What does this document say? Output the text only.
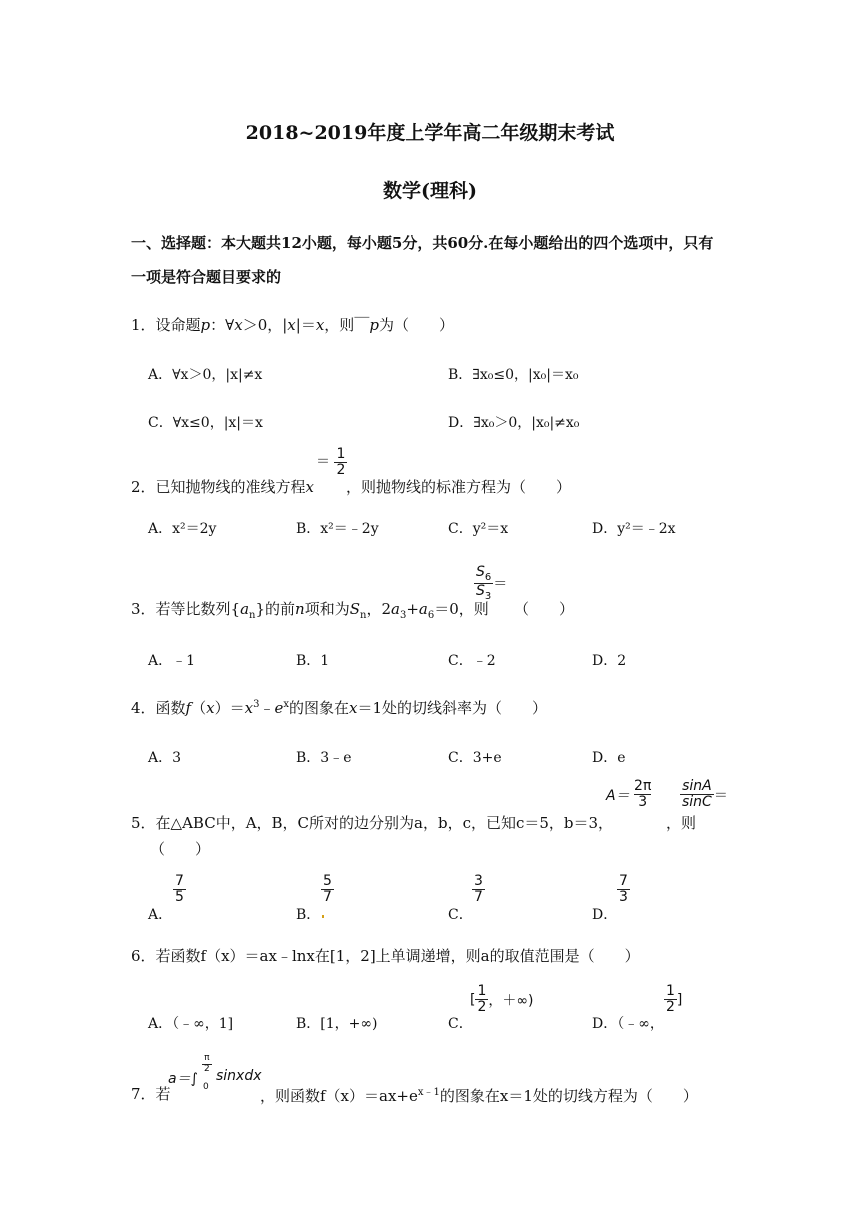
2018~2019年度上学年高二年级期末考试
数学(理科)
一、选择题：本大题共12小题，每小题5分，共60分.在每小题给出的四个选项中，只有
一项是符合题目要求的
1．设命题p：∀x＞0，|x|＝x，则￣p为（　　）
A．∀x＞0，|x|≠x	B．∃x₀≤0，|x₀|＝x₀
C．∀x≤0，|x|＝x	D．∃x₀＞0，|x₀|≠x₀
2．已知抛物线的准线方程x
＝ $\frac{1}{2}$
，则抛物线的标准方程为（　　）
A．x²＝2y	B．x²＝﹣2y	C．y²＝x	D．y²＝﹣2x
3．若等比数列$\{a_n\}$的前n项和为$S_n$，$2a_3+a_6=0$，则
$\frac{S_6}{S_3}$ ＝
（　　）
A．﹣1	B．1	C．﹣2	D．2
4．函数$f(x)=x^3﹣e^x$的图象在x＝1处的切线斜率为（　　）
A．3	B．3﹣e	C．3+e	D．e
5．在△ABC中，A，B，C所对的边分别为a，b，c，已知c＝5，b＝3，
$A= \frac{2\pi}{3}$
，则
$\frac{\sin A}{\sin C}$ ＝
（　　）
A．
$\frac{7}{5}$
B．
$\frac{5}{7}$
C．
$\frac{3}{7}$
D．
$\frac{7}{3}$
6．若函数f（x）＝ax﹣lnx在[1，2]上单调递增，则a的取值范围是（　　）
A．（﹣∞，1]	B．[1，+∞)	C．
[ $\frac{1}{2}$ ，＋∞)
D．（﹣∞，
$\frac{1}{2}$ ]
7．若
a＝∫
$\frac{\pi}{2}$
0
sinxdx
，则函数$f(x)=ax+e^{x﹣1}$的图象在x＝1处的切线方程为（　　）
